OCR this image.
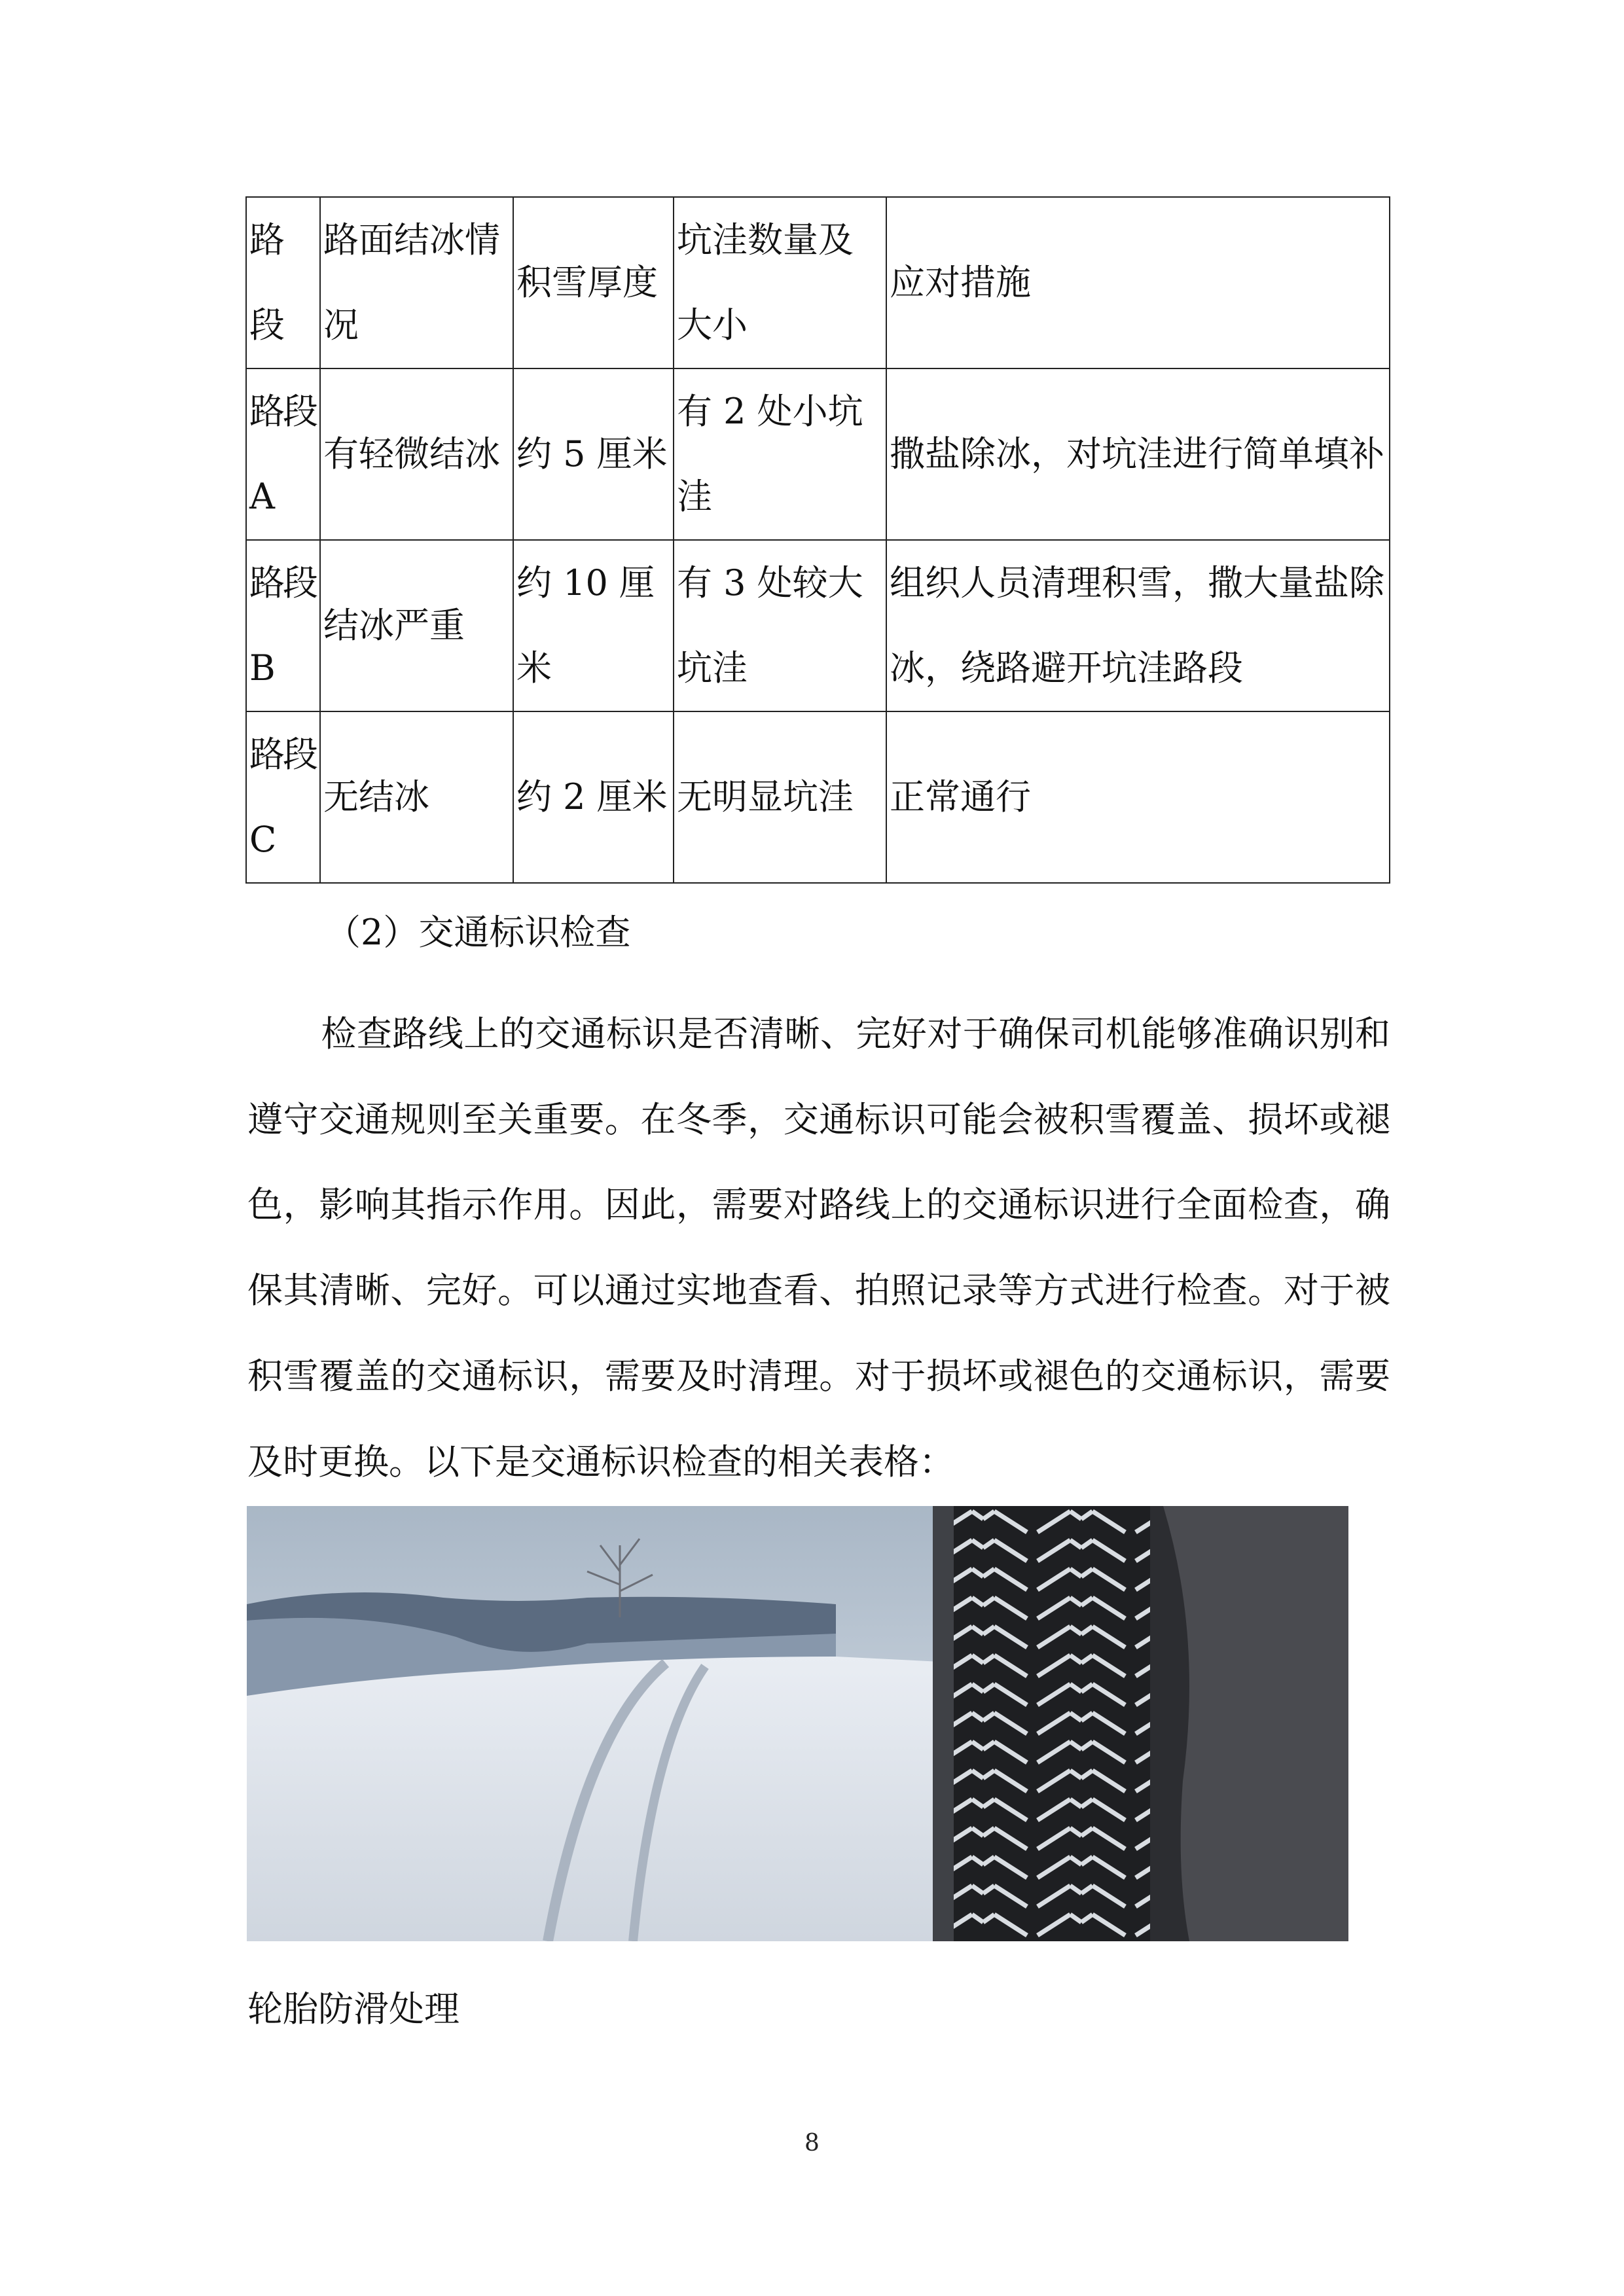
路段	路面结冰情况	积雪厚度	坑洼数量及大小	应对措施
路段 A	有轻微结冰	约 5 厘米	有 2 处小坑洼	撒盐除冰，对坑洼进行简单填补
路段 B	结冰严重	约 10 厘米	有 3 处较大坑洼	组织人员清理积雪，撒大量盐除冰，绕路避开坑洼路段
路段 C	无结冰	约 2 厘米	无明显坑洼	正常通行
（2）交通标识检查
检查路线上的交通标识是否清晰、完好对于确保司机能够准确识别和遵守交通规则至关重要。在冬季，交通标识可能会被积雪覆盖、损坏或褪色，影响其指示作用。因此，需要对路线上的交通标识进行全面检查，确保其清晰、完好。可以通过实地查看、拍照记录等方式进行检查。对于被积雪覆盖的交通标识，需要及时清理。对于损坏或褪色的交通标识，需要及时更换。以下是交通标识检查的相关表格：
轮胎防滑处理
8
